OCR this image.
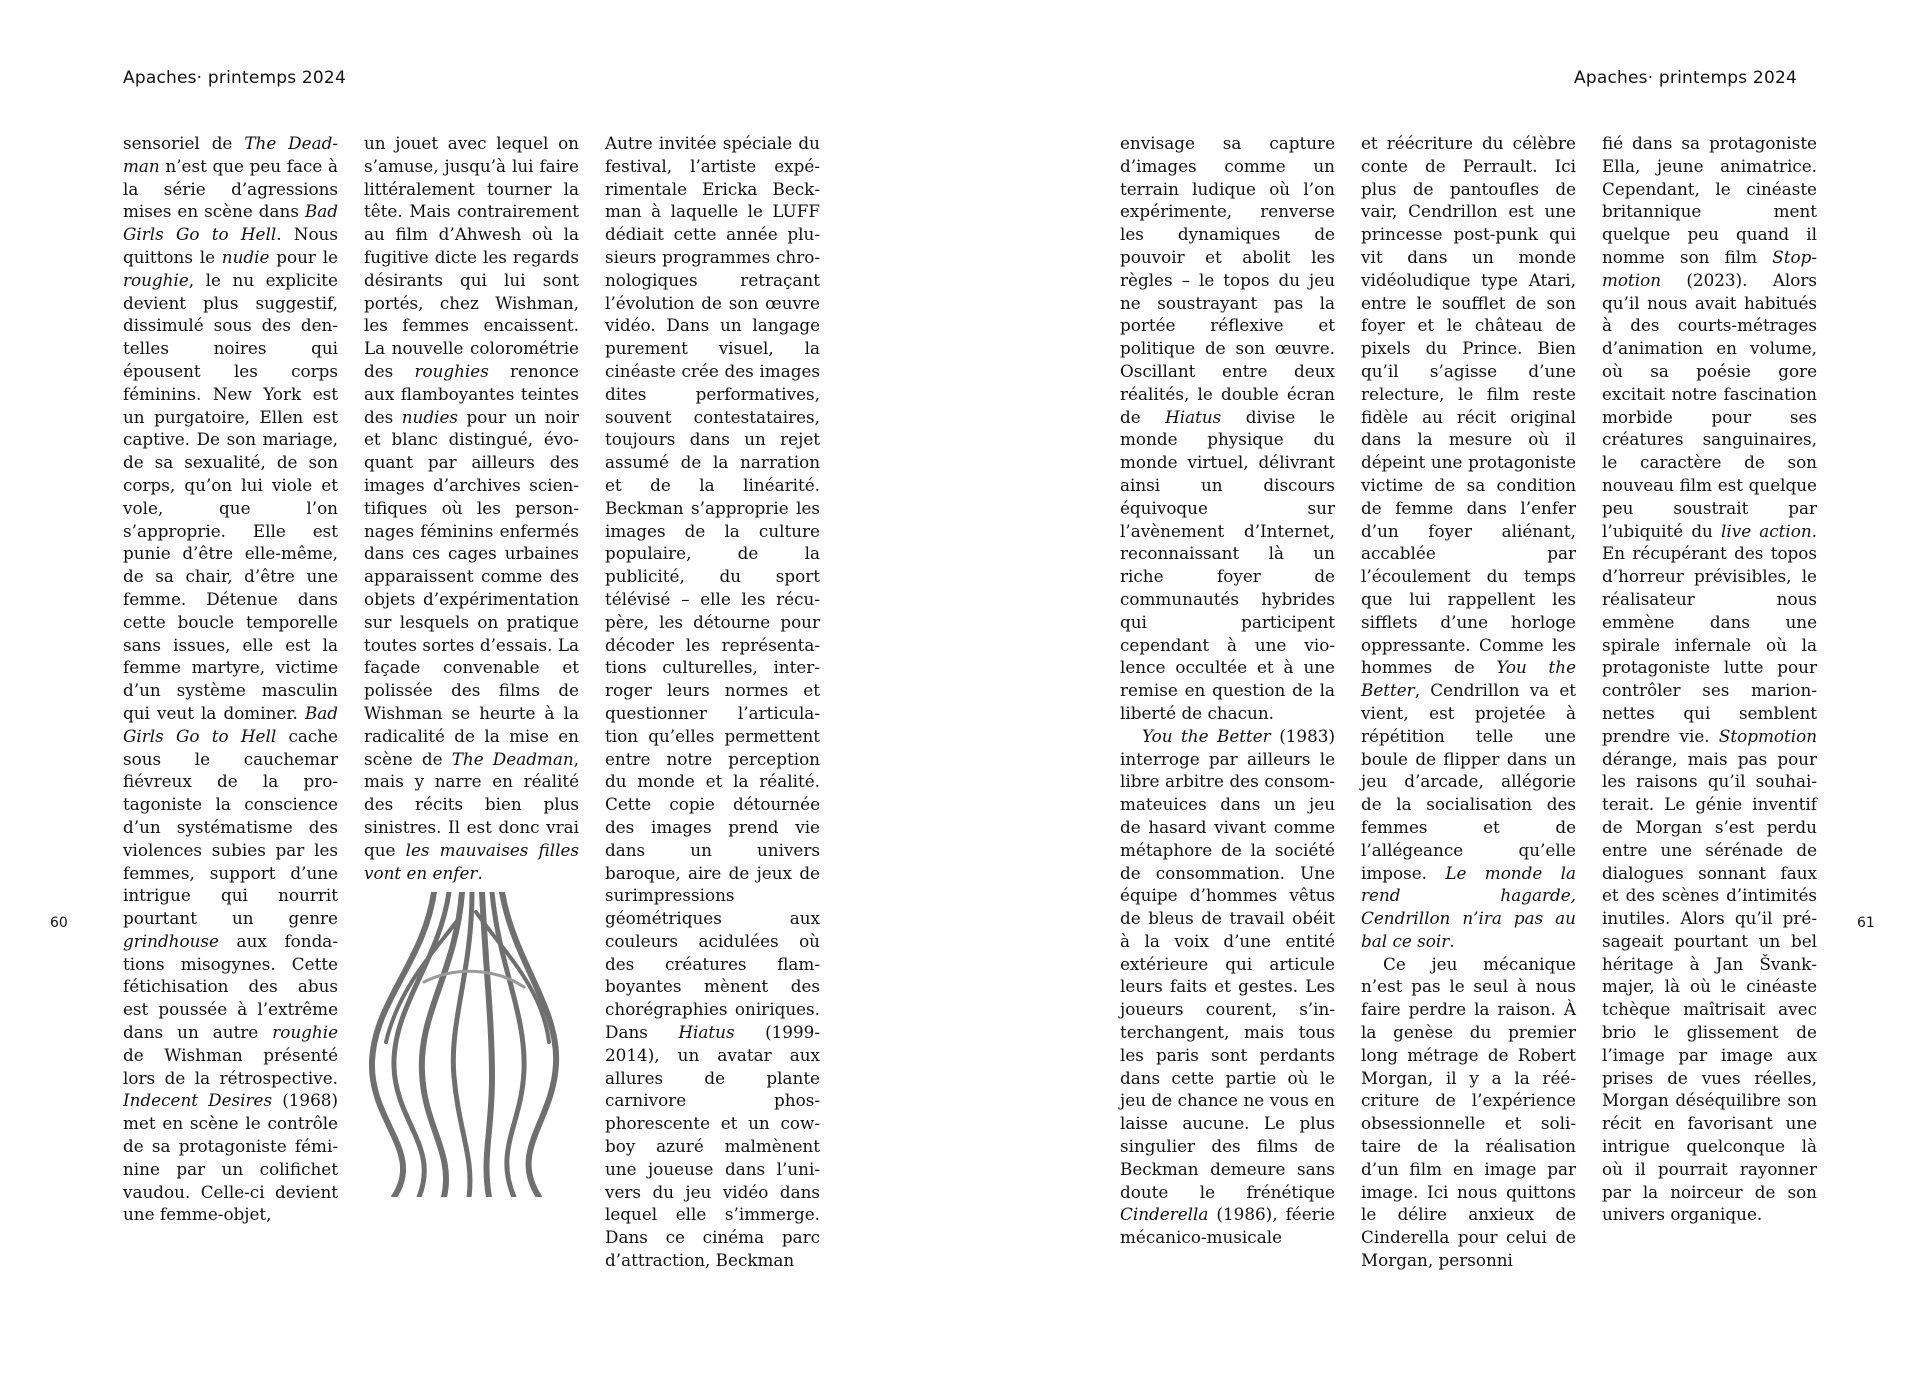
Apaches· printemps 2024	Apaches· printemps 2024
60	61

sensoriel de The Deadman n’est que peu face à la série d’agressions mises en scène dans Bad Girls Go to Hell. Nous quittons le nudie pour le roughie, le nu explicite devient plus suggestif, dissimulé sous des dentelles noires qui épousent les corps féminins. New York est un purgatoire, Ellen est captive. De son mariage, de sa sexualité, de son corps, qu’on lui viole et vole, que l’on s’approprie. Elle est punie d’être elle-même, de sa chair, d’être une femme. Détenue dans cette boucle temporelle sans issues, elle est la femme martyre, victime d’un système masculin qui veut la dominer. Bad Girls Go to Hell cache sous le cauchemar fiévreux de la protagoniste la conscience d’un systématisme des violences subies par les femmes, support d’une intrigue qui nourrit pourtant un genre grindhouse aux fondations misogynes. Cette fétichisation des abus est poussée à l’extrême dans un autre roughie de Wishman présenté lors de la rétrospective. Indecent Desires (1968) met en scène le contrôle de sa protagoniste féminine par un colifichet vaudou. Celle-ci devient une femme-objet,

un jouet avec lequel on s’amuse, jusqu’à lui faire littéralement tourner la tête. Mais contrairement au film d’Ahwesh où la fugitive dicte les regards désirants qui lui sont portés, chez Wishman, les femmes encaissent. La nouvelle colorométrie des roughies renonce aux flamboyantes teintes des nudies pour un noir et blanc distingué, évoquant par ailleurs des images d’archives scientifiques où les personnages féminins enfermés dans ces cages urbaines apparaissent comme des objets d’expérimentation sur lesquels on pratique toutes sortes d’essais. La façade convenable et polissée des films de Wishman se heurte à la radicalité de la mise en scène de The Deadman, mais y narre en réalité des récits bien plus sinistres. Il est donc vrai que les mauvaises filles vont en enfer.

Autre invitée spéciale du festival, l’artiste expérimentale Ericka Beckman à laquelle le LUFF dédiait cette année plusieurs programmes chronologiques retraçant l’évolution de son œuvre vidéo. Dans un langage purement visuel, la cinéaste crée des images dites performatives, souvent contestataires, toujours dans un rejet assumé de la narration et de la linéarité. Beckman s’approprie les images de la culture populaire, de la publicité, du sport télévisé – elle les récupère, les détourne pour décoder les représentations culturelles, interroger leurs normes et questionner l’articulation qu’elles permettent entre notre perception du monde et la réalité. Cette copie détournée des images prend vie dans un univers baroque, aire de jeux de surimpressions géométriques aux couleurs acidulées où des créatures flamboyantes mènent des chorégraphies oniriques. Dans Hiatus (1999-2014), un avatar aux allures de plante carnivore phosphorescente et un cowboy azuré malmènent une joueuse dans l’univers du jeu vidéo dans lequel elle s’immerge. Dans ce cinéma parc d’attraction, Beckman

envisage sa capture d’images comme un terrain ludique où l’on expérimente, renverse les dynamiques de pouvoir et abolit les règles – le topos du jeu ne soustrayant pas la portée réflexive et politique de son œuvre. Oscillant entre deux réalités, le double écran de Hiatus divise le monde physique du monde virtuel, délivrant ainsi un discours équivoque sur l’avènement d’Internet, reconnaissant là un riche foyer de communautés hybrides qui participent cependant à une violence occultée et à une remise en question de la liberté de chacun.

You the Better (1983) interroge par ailleurs le libre arbitre des consommateuices dans un jeu de hasard vivant comme métaphore de la société de consommation. Une équipe d’hommes vêtus de bleus de travail obéit à la voix d’une entité extérieure qui articule leurs faits et gestes. Les joueurs courent, s’interchangent, mais tous les paris sont perdants dans cette partie où le jeu de chance ne vous en laisse aucune. Le plus singulier des films de Beckman demeure sans doute le frénétique Cinderella (1986), féerie mécanico-musicale

et réécriture du célèbre conte de Perrault. Ici plus de pantoufles de vair, Cendrillon est une princesse post-punk qui vit dans un monde vidéoludique type Atari, entre le soufflet de son foyer et le château de pixels du Prince. Bien qu’il s’agisse d’une relecture, le film reste fidèle au récit original dans la mesure où il dépeint une protagoniste victime de sa condition de femme dans l’enfer d’un foyer aliénant, accablée par l’écoulement du temps que lui rappellent les sifflets d’une horloge oppressante. Comme les hommes de You the Better, Cendrillon va et vient, est projetée à répétition telle une boule de flipper dans un jeu d’arcade, allégorie de la socialisation des femmes et de l’allégeance qu’elle impose. Le monde la rend hagarde, Cendrillon n’ira pas au bal ce soir.

Ce jeu mécanique n’est pas le seul à nous faire perdre la raison. À la genèse du premier long métrage de Robert Morgan, il y a la réécriture de l’expérience obsessionnelle et solitaire de la réalisation d’un film en image par image. Ici nous quittons le délire anxieux de Cinderella pour celui de Morgan, personni

fié dans sa protagoniste Ella, jeune animatrice. Cependant, le cinéaste britannique ment quelque peu quand il nomme son film Stopmotion (2023). Alors qu’il nous avait habitués à des courts-métrages d’animation en volume, où sa poésie gore excitait notre fascination morbide pour ses créatures sanguinaires, le caractère de son nouveau film est quelque peu soustrait par l’ubiquité du live action. En récupérant des topos d’horreur prévisibles, le réalisateur nous emmène dans une spirale infernale où la protagoniste lutte pour contrôler ses marionnettes qui semblent prendre vie. Stopmotion dérange, mais pas pour les raisons qu’il souhaiterait. Le génie inventif de Morgan s’est perdu entre une sérénade de dialogues sonnant faux et des scènes d’intimités inutiles. Alors qu’il présageait pourtant un bel héritage à Jan Švankmajer, là où le cinéaste tchèque maîtrisait avec brio le glissement de l’image par image aux prises de vues réelles, Morgan déséquilibre son récit en favorisant une intrigue quelconque là où il pourrait rayonner par la noirceur de son univers organique.
